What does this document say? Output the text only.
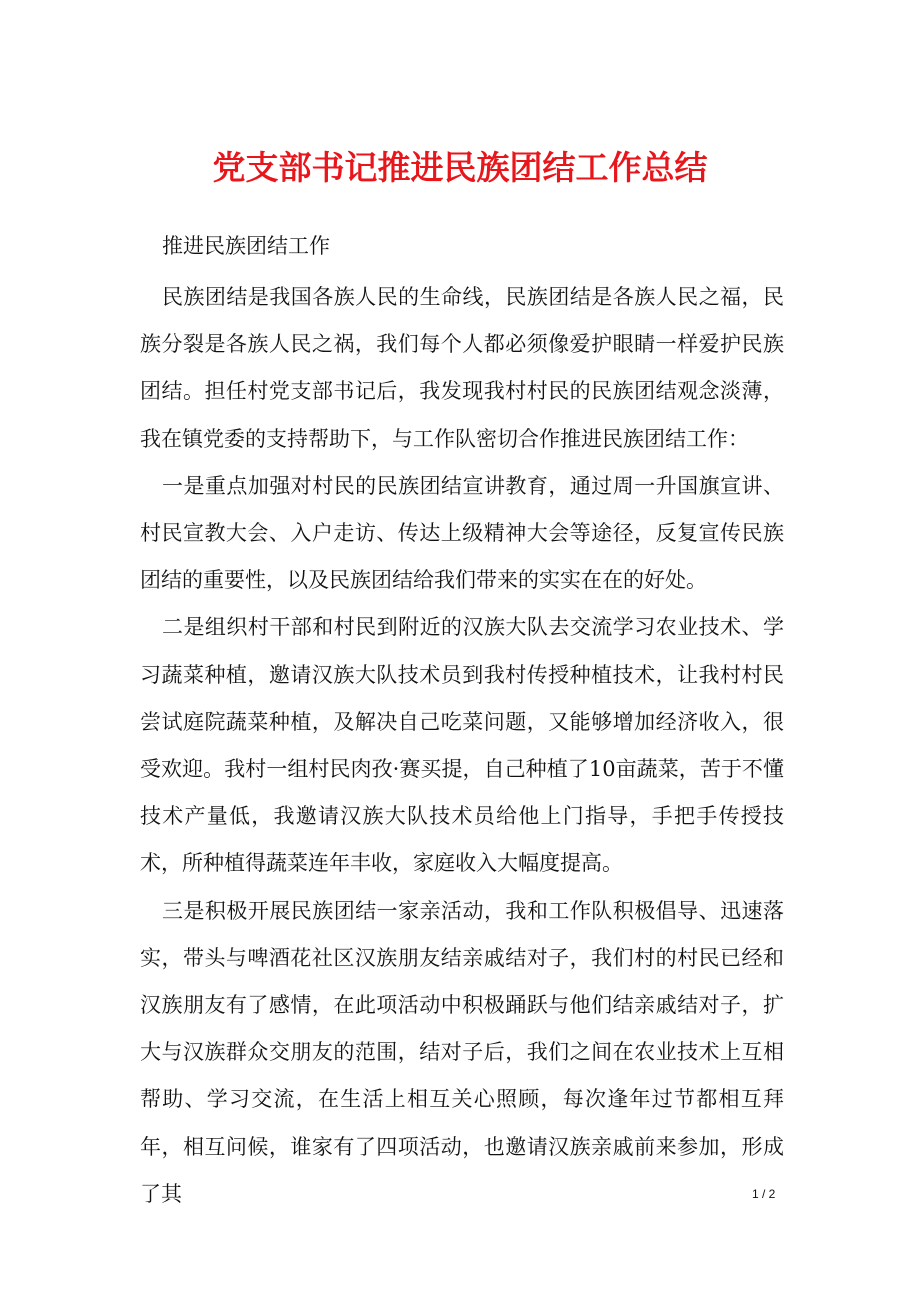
党支部书记推进民族团结工作总结
推进民族团结工作

民族团结是我国各族人民的生命线，民族团结是各族人民之福，民族分裂是各族人民之祸，我们每个人都必须像爱护眼睛一样爱护民族团结。担任村党支部书记后，我发现我村村民的民族团结观念淡薄，我在镇党委的支持帮助下，与工作队密切合作推进民族团结工作：

一是重点加强对村民的民族团结宣讲教育，通过周一升国旗宣讲、村民宣教大会、入户走访、传达上级精神大会等途径，反复宣传民族团结的重要性，以及民族团结给我们带来的实实在在的好处。

二是组织村干部和村民到附近的汉族大队去交流学习农业技术、学习蔬菜种植，邀请汉族大队技术员到我村传授种植技术，让我村村民尝试庭院蔬菜种植，及解决自己吃菜问题，又能够增加经济收入，很受欢迎。我村一组村民肉孜·赛买提，自己种植了10亩蔬菜，苦于不懂技术产量低，我邀请汉族大队技术员给他上门指导，手把手传授技术，所种植得蔬菜连年丰收，家庭收入大幅度提高。

三是积极开展民族团结一家亲活动，我和工作队积极倡导、迅速落实，带头与啤酒花社区汉族朋友结亲戚结对子，我们村的村民已经和汉族朋友有了感情，在此项活动中积极踊跃与他们结亲戚结对子，扩大与汉族群众交朋友的范围，结对子后，我们之间在农业技术上互相帮助、学习交流，在生活上相互关心照顾，每次逢年过节都相互拜年，相互问候，谁家有了四项活动，也邀请汉族亲戚前来参加，形成了其	1 / 2
